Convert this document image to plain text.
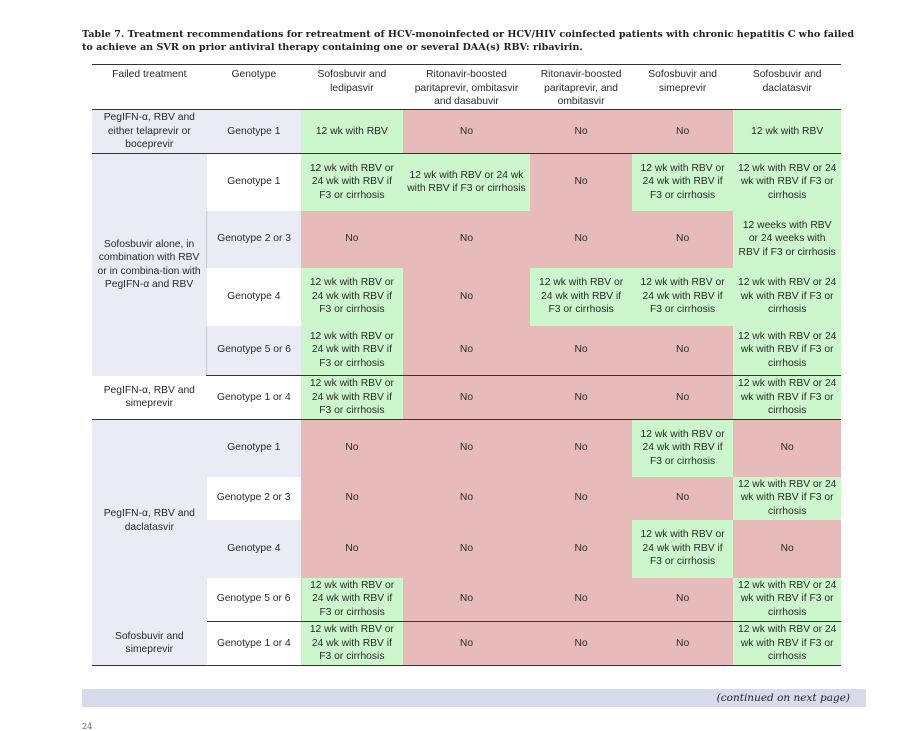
Table 7. Treatment recommendations for retreatment of HCV-monoinfected or HCV/HIV coinfected patients with chronic hepatitis C who failed to achieve an SVR on prior antiviral therapy containing one or several DAA(s) RBV: ribavirin.
Failed treatment	Genotype	Sofosbuvir and ledipasvir	Ritonavir-boosted paritaprevir, ombitasvir and dasabuvir	Ritonavir-boosted paritaprevir, and ombitasvir	Sofosbuvir and simeprevir	Sofosbuvir and daclatasvir
PegIFN-α, RBV and either telaprevir or boceprevir	Genotype 1	12 wk with RBV	No	No	No	12 wk with RBV
Sofosbuvir alone, in combination with RBV or in combina-tion with PegIFN-α and RBV	Genotype 1	12 wk with RBV or 24 wk with RBV if F3 or cirrhosis	12 wk with RBV or 24 wk with RBV if F3 or cirrhosis	No	12 wk with RBV or 24 wk with RBV if F3 or cirrhosis	12 wk with RBV or 24 wk with RBV if F3 or cirrhosis
	Genotype 2 or 3	No	No	No	No	12 weeks with RBV or 24 weeks with RBV if F3 or cirrhosis
	Genotype 4	12 wk with RBV or 24 wk with RBV if F3 or cirrhosis	No	12 wk with RBV or 24 wk with RBV if F3 or cirrhosis	12 wk with RBV or 24 wk with RBV if F3 or cirrhosis	12 wk with RBV or 24 wk with RBV if F3 or cirrhosis
	Genotype 5 or 6	12 wk with RBV or 24 wk with RBV if F3 or cirrhosis	No	No	No	12 wk with RBV or 24 wk with RBV if F3 or cirrhosis
PegIFN-α, RBV and simeprevir	Genotype 1 or 4	12 wk with RBV or 24 wk with RBV if F3 or cirrhosis	No	No	No	12 wk with RBV or 24 wk with RBV if F3 or cirrhosis
PegIFN-α, RBV and daclatasvir	Genotype 1	No	No	No	12 wk with RBV or 24 wk with RBV if F3 or cirrhosis	No
	Genotype 2 or 3	No	No	No	No	12 wk with RBV or 24 wk with RBV if F3 or cirrhosis
	Genotype 4	No	No	No	12 wk with RBV or 24 wk with RBV if F3 or cirrhosis	No
	Genotype 5 or 6	12 wk with RBV or 24 wk with RBV if F3 or cirrhosis	No	No	No	12 wk with RBV or 24 wk with RBV if F3 or cirrhosis
Sofosbuvir and simeprevir	Genotype 1 or 4	12 wk with RBV or 24 wk with RBV if F3 or cirrhosis	No	No	No	12 wk with RBV or 24 wk with RBV if F3 or cirrhosis
(continued on next page)
24
